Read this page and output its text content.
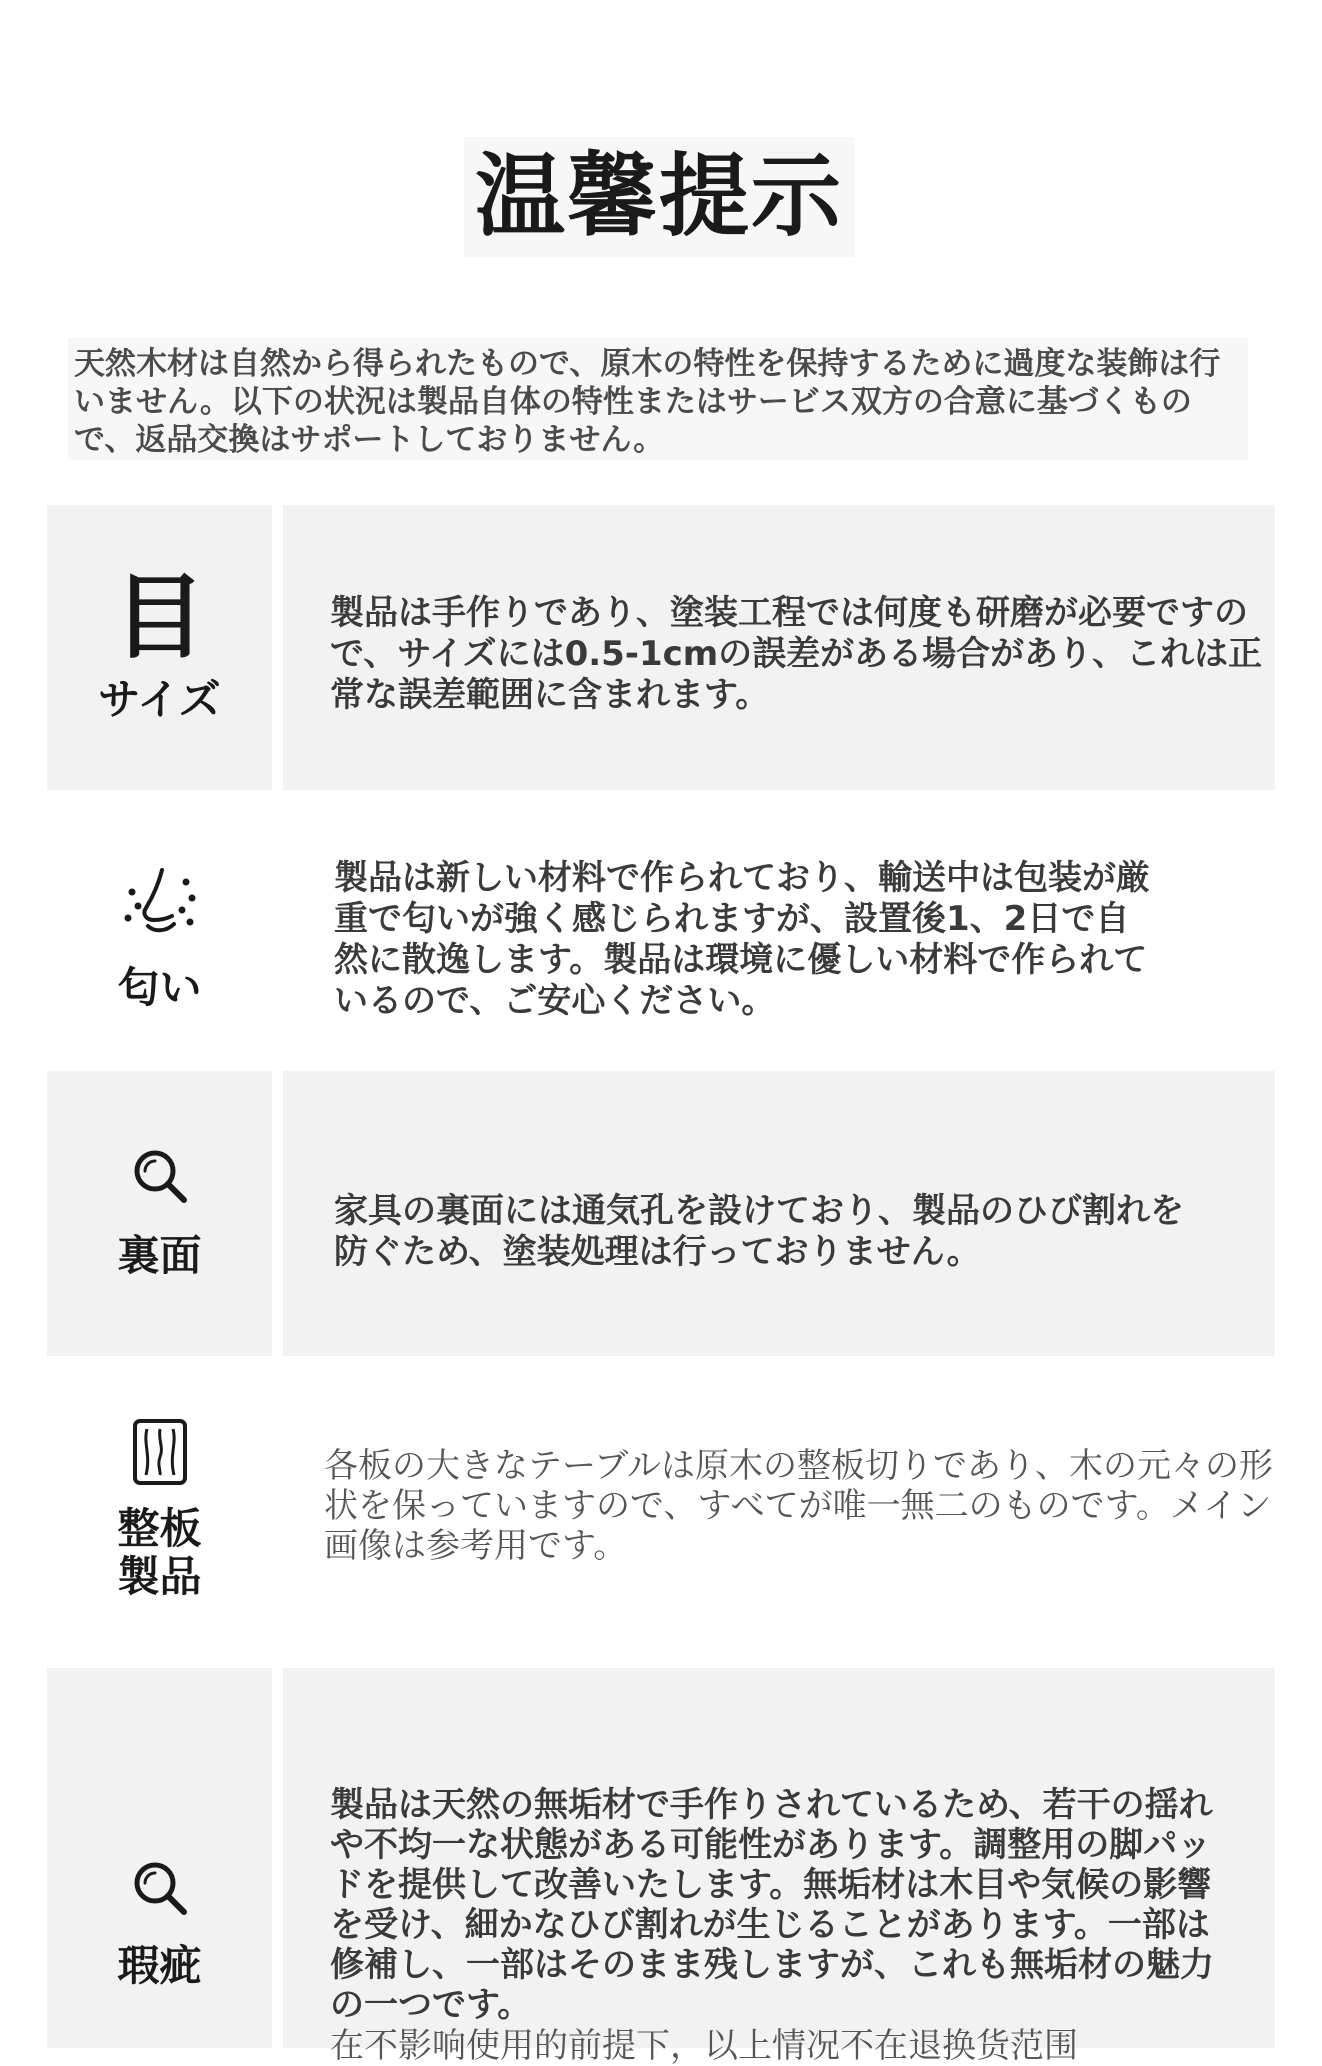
温馨提示

天然木材は自然から得られたもので、原木の特性を保持するために過度な装飾は行いません。以下の状況は製品自体の特性またはサービス双方の合意に基づくもので、返品交換はサポートしておりません。

目
サイズ

製品は手作りであり、塗装工程では何度も研磨が必要ですので、サイズには0.5-1cmの誤差がある場合があり、これは正常な誤差範囲に含まれます。

匂い

製品は新しい材料で作られており、輸送中は包装が厳重で匂いが強く感じられますが、設置後1、2日で自然に散逸します。製品は環境に優しい材料で作られているので、ご安心ください。

裏面

家具の裏面には通気孔を設けており、製品のひび割れを防ぐため、塗装処理は行っておりません。

整板製品

各板の大きなテーブルは原木の整板切りであり、木の元々の形状を保っていますので、すべてが唯一無二のものです。メイン画像は参考用です。

瑕疵

製品は天然の無垢材で手作りされているため、若干の揺れや不均一な状態がある可能性があります。調整用の脚パッドを提供して改善いたします。無垢材は木目や気候の影響を受け、細かなひび割れが生じることがあります。一部は修補し、一部はそのまま残しますが、これも無垢材の魅力の一つです。

在不影响使用的前提下，以上情况不在退换货范围
